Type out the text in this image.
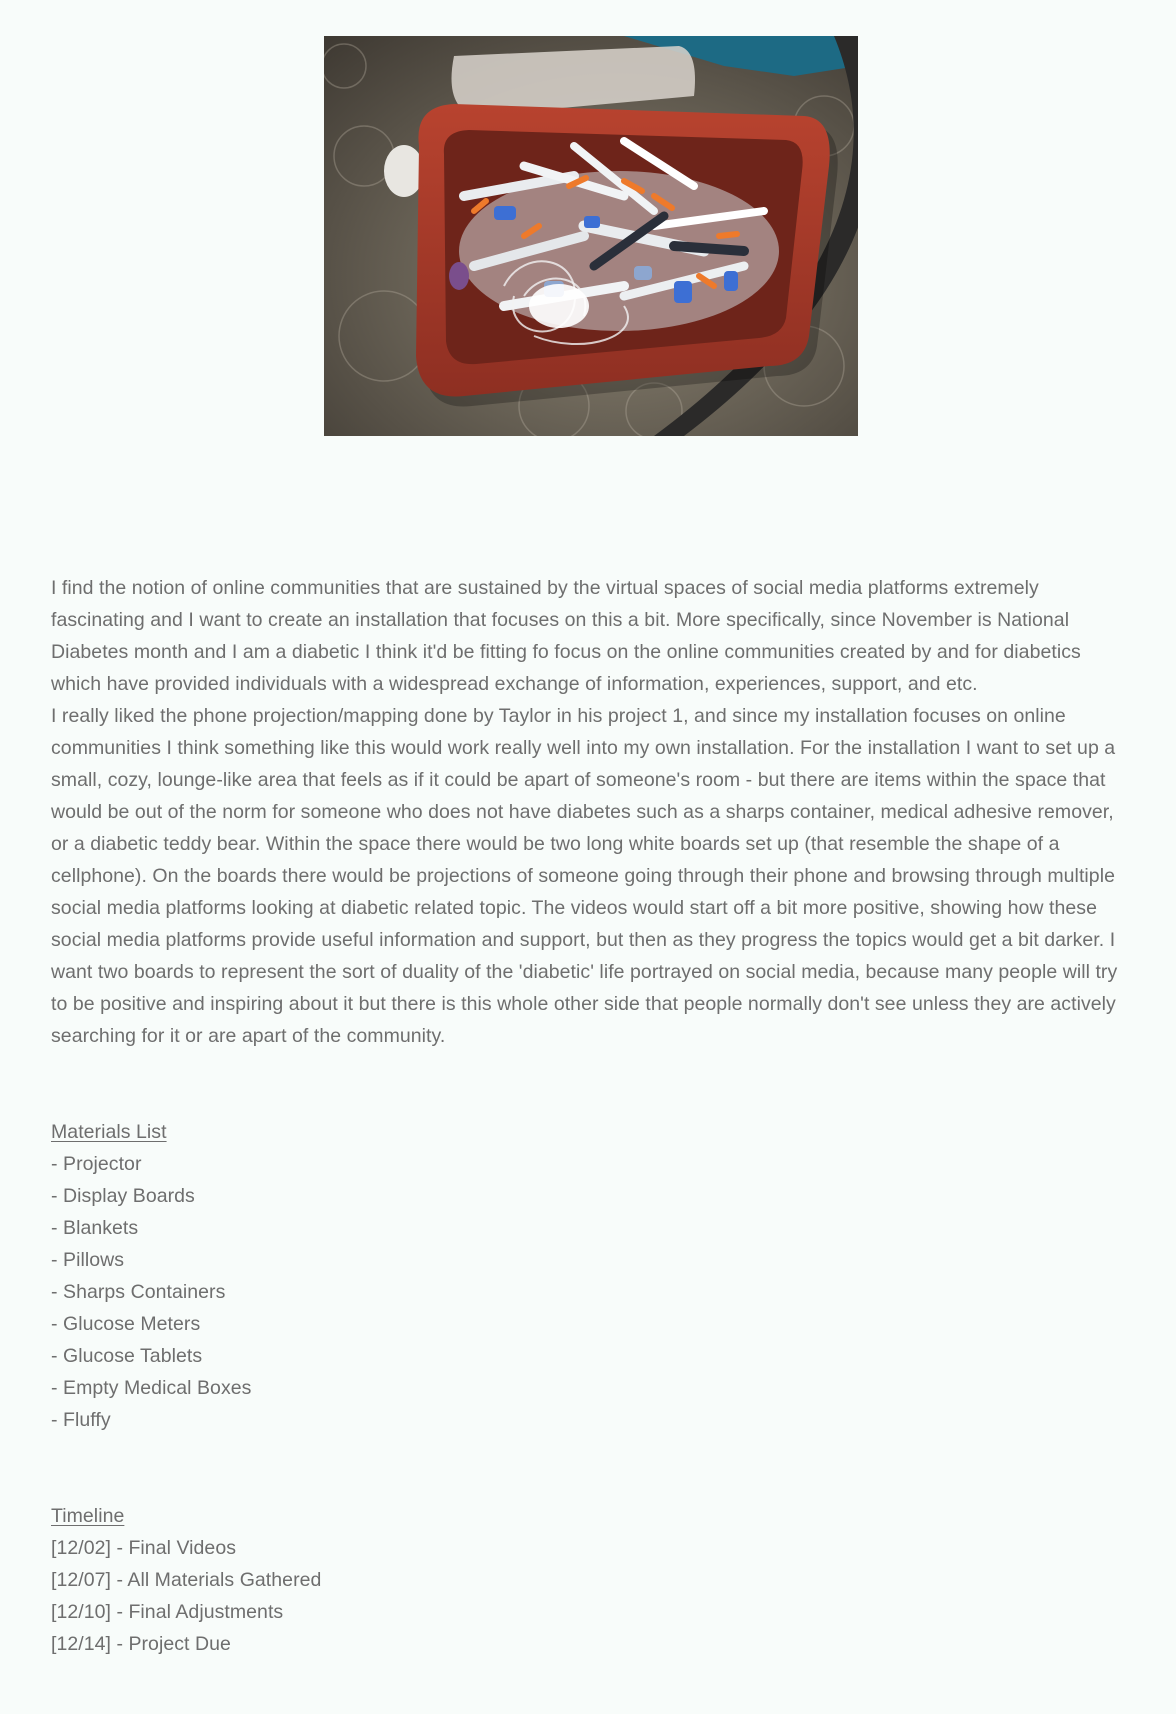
I find the notion of online communities that are sustained by the virtual spaces of social media platforms extremely fascinating and I want to create an installation that focuses on this a bit. More specifically, since November is National Diabetes month and I am a diabetic I think it'd be fitting fo focus on the online communities created by and for diabetics which have provided individuals with a widespread exchange of information, experiences, support, and etc.

I really liked the phone projection/mapping done by Taylor in his project 1, and since my installation focuses on online communities I think something like this would work really well into my own installation. For the installation I want to set up a small, cozy, lounge-like area that feels as if it could be apart of someone's room - but there are items within the space that would be out of the norm for someone who does not have diabetes such as a sharps container, medical adhesive remover, or a diabetic teddy bear. Within the space there would be two long white boards set up (that resemble the shape of a cellphone). On the boards there would be projections of someone going through their phone and browsing through multiple social media platforms looking at diabetic related topic. The videos would start off a bit more positive, showing how these social media platforms provide useful information and support, but then as they progress the topics would get a bit darker. I want two boards to represent the sort of duality of the 'diabetic' life portrayed on social media, because many people will try to be positive and inspiring about it but there is this whole other side that people normally don't see unless they are actively searching for it or are apart of the community.

Materials List
- Projector
- Display Boards
- Blankets
- Pillows
- Sharps Containers
- Glucose Meters
- Glucose Tablets
- Empty Medical Boxes
- Fluffy
Timeline
[12/02] - Final Videos
[12/07] - All Materials Gathered
[12/10] - Final Adjustments
[12/14] - Project Due
